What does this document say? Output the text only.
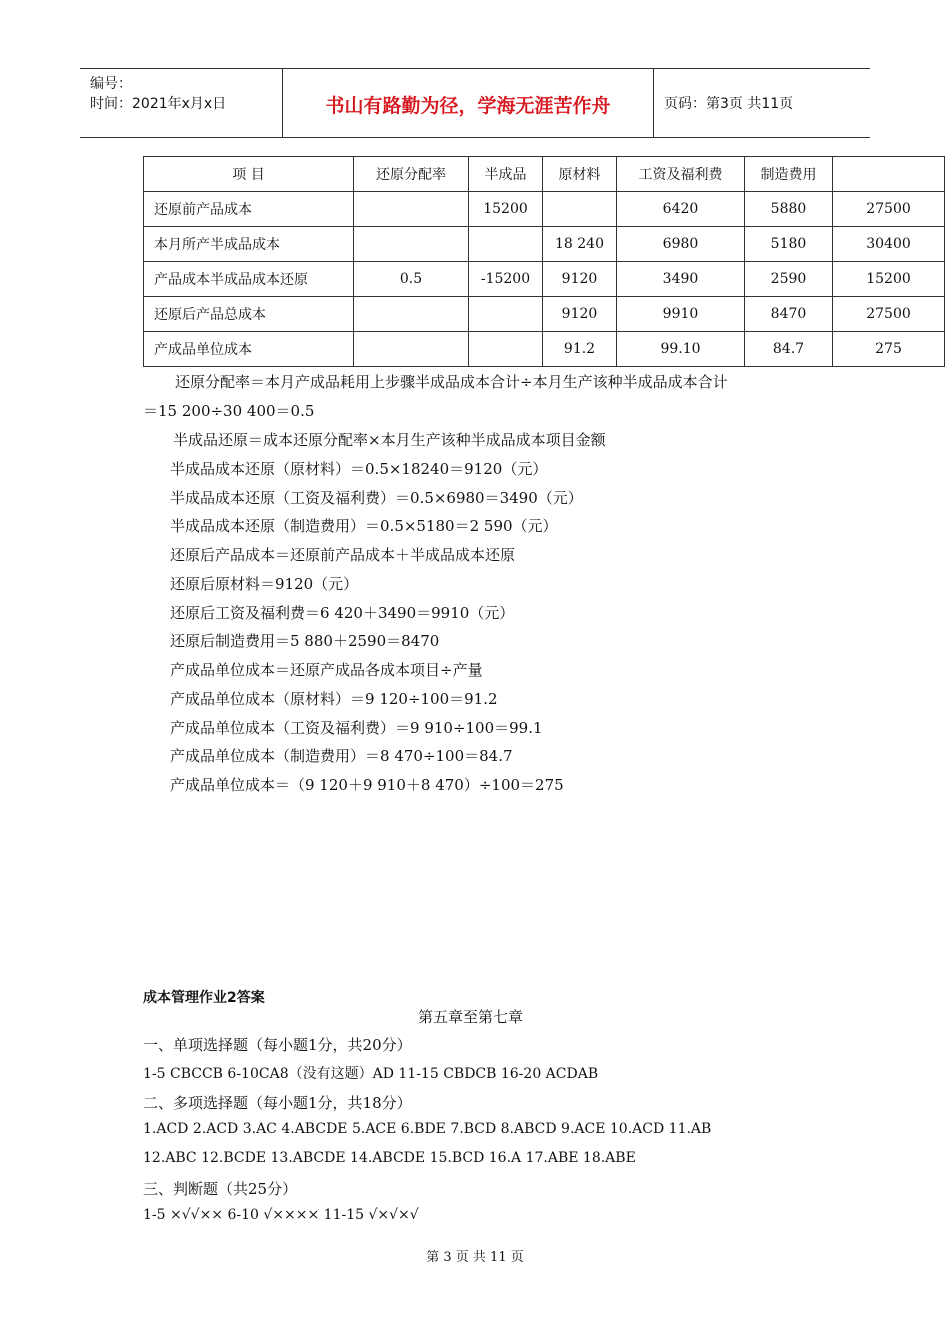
编号：
时间：2021年x月x日	书山有路勤为径，学海无涯苦作舟	页码：第3页 共11页
项 目	还原分配率	半成品	原材料	工资及福利费	制造费用	
还原前产品成本		15200		6420	5880	27500
本月所产半成品成本			18 240	6980	5180	30400
产品成本半成品成本还原	0.5	-15200	9120	3490	2590	15200
还原后产品总成本			9120	9910	8470	27500
产成品单位成本			91.2	99.10	84.7	275
还原分配率＝本月产成品耗用上步骤半成品成本合计÷本月生产该种半成品成本合计
＝15 200÷30 400＝0.5
半成品还原＝成本还原分配率×本月生产该种半成品成本项目金额
半成品成本还原（原材料）＝0.5×18240＝9120（元）
半成品成本还原（工资及福利费）＝0.5×6980＝3490（元）
半成品成本还原（制造费用）＝0.5×5180＝2 590（元）
还原后产品成本＝还原前产品成本＋半成品成本还原
还原后原材料＝9120（元）
还原后工资及福利费＝6 420＋3490＝9910（元）
还原后制造费用＝5 880＋2590＝8470
产成品单位成本＝还原产成品各成本项目÷产量
产成品单位成本（原材料）＝9 120÷100＝91.2
产成品单位成本（工资及福利费）＝9 910÷100＝99.1
产成品单位成本（制造费用）＝8 470÷100＝84.7
产成品单位成本＝（9 120＋9 910＋8 470）÷100＝275
成本管理作业2答案
第五章至第七章
一、单项选择题（每小题1分，共20分）
1-5 CBCCB 6-10CA8（没有这题）AD 11-15 CBDCB 16-20 ACDAB
二、多项选择题（每小题1分，共18分）
1.ACD 2.ACD 3.AC 4.ABCDE 5.ACE 6.BDE 7.BCD 8.ABCD 9.ACE 10.ACD 11.AB
12.ABC 12.BCDE 13.ABCDE 14.ABCDE 15.BCD 16.A 17.ABE 18.ABE
三、判断题（共25分）
1-5 ×√√×× 6-10 √×××× 11-15 √×√×√
第 3 页 共 11 页
